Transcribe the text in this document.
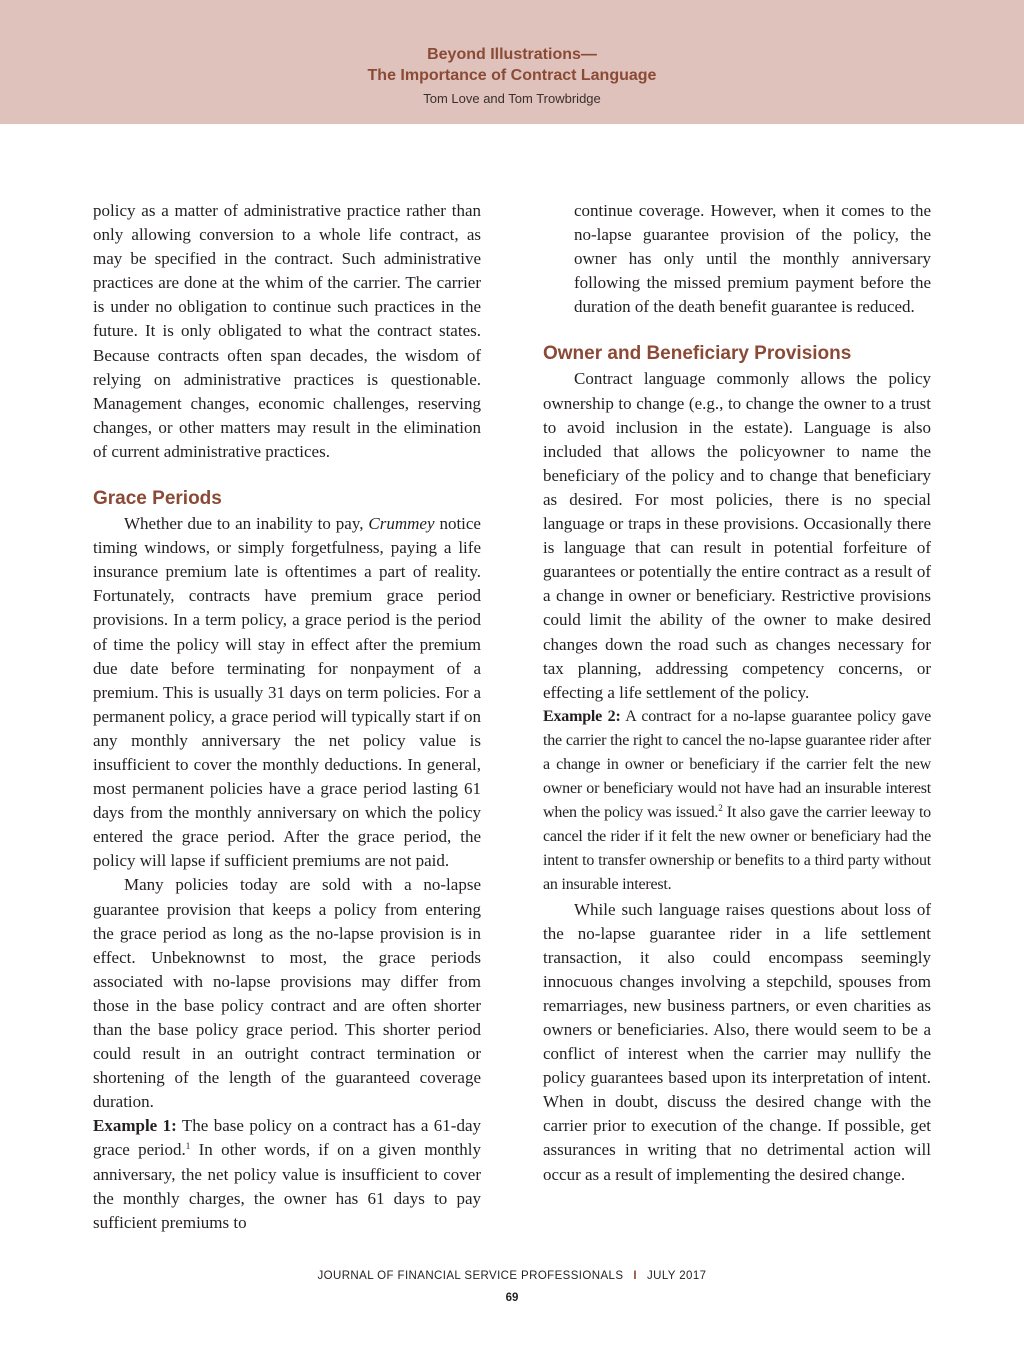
Beyond Illustrations—
The Importance of Contract Language
Tom Love and Tom Trowbridge

policy as a matter of administrative practice rather than only allowing conversion to a whole life contract, as may be specified in the contract. Such administrative practices are done at the whim of the carrier. The carrier is under no obligation to continue such practices in the future. It is only obligated to what the contract states. Because contracts often span decades, the wisdom of relying on administrative practices is questionable. Management changes, economic challenges, reserving changes, or other matters may result in the elimination of current administrative practices.

Grace Periods

Whether due to an inability to pay, Crummey notice timing windows, or simply forgetfulness, paying a life insurance premium late is oftentimes a part of reality. Fortunately, contracts have premium grace period provisions. In a term policy, a grace period is the period of time the policy will stay in effect after the premium due date before terminating for nonpayment of a premium. This is usually 31 days on term policies. For a permanent policy, a grace period will typically start if on any monthly anniversary the net policy value is insufficient to cover the monthly deductions. In general, most permanent policies have a grace period lasting 61 days from the monthly anniversary on which the policy entered the grace period. After the grace period, the policy will lapse if sufficient premiums are not paid.

Many policies today are sold with a no-lapse guarantee provision that keeps a policy from entering the grace period as long as the no-lapse provision is in effect. Unbeknownst to most, the grace periods associated with no-lapse provisions may differ from those in the base policy contract and are often shorter than the base policy grace period. This shorter period could result in an outright contract termination or shortening of the length of the guaranteed coverage duration.

Example 1: The base policy on a contract has a 61-day grace period.$^1$ In other words, if on a given monthly anniversary, the net policy value is insufficient to cover the monthly charges, the owner has 61 days to pay sufficient premiums to

continue coverage. However, when it comes to the no-lapse guarantee provision of the policy, the owner has only until the monthly anniversary following the missed premium payment before the duration of the death benefit guarantee is reduced.

Owner and Beneficiary Provisions

Contract language commonly allows the policy ownership to change (e.g., to change the owner to a trust to avoid inclusion in the estate). Language is also included that allows the policyowner to name the beneficiary of the policy and to change that beneficiary as desired. For most policies, there is no special language or traps in these provisions. Occasionally there is language that can result in potential forfeiture of guarantees or potentially the entire contract as a result of a change in owner or beneficiary. Restrictive provisions could limit the ability of the owner to make desired changes down the road such as changes necessary for tax planning, addressing competency concerns, or effecting a life settlement of the policy.

Example 2: A contract for a no-lapse guarantee policy gave the carrier the right to cancel the no-lapse guarantee rider after a change in owner or beneficiary if the carrier felt the new owner or beneficiary would not have had an insurable interest when the policy was issued.$^2$ It also gave the carrier leeway to cancel the rider if it felt the new owner or beneficiary had the intent to transfer ownership or benefits to a third party without an insurable interest.

While such language raises questions about loss of the no-lapse guarantee rider in a life settlement transaction, it also could encompass seemingly innocuous changes involving a stepchild, spouses from remarriages, new business partners, or even charities as owners or beneficiaries. Also, there would seem to be a conflict of interest when the carrier may nullify the policy guarantees based upon its interpretation of intent. When in doubt, discuss the desired change with the carrier prior to execution of the change. If possible, get assurances in writing that no detrimental action will occur as a result of implementing the desired change.

JOURNAL OF FINANCIAL SERVICE PROFESSIONALS I JULY 2017
69
